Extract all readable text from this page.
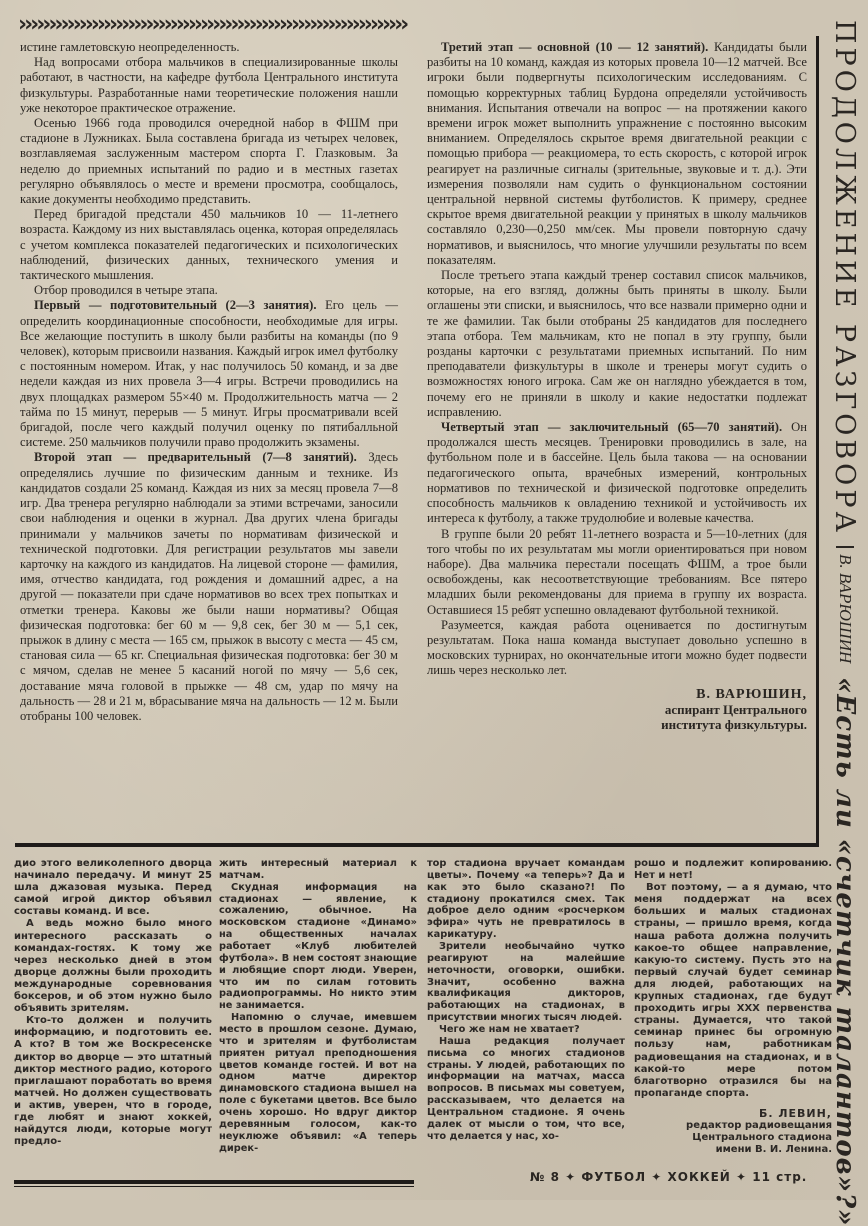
››››››››››››››››››››››››››››››››››››››››››››››››››››››››››››››››

истине гамлетовскую неопределенность.

Над вопросами отбора мальчиков в специализированные школы работают, в частности, на кафедре футбола Центрального института физкультуры. Разработанные нами теоретические положения нашли уже некоторое практическое отражение.

Осенью 1966 года проводился очередной набор в ФШМ при стадионе в Лужниках. Была составлена бригада из четырех человек, возглавляемая заслуженным мастером спорта Г. Глазковым. За неделю до приемных испытаний по радио и в местных газетах регулярно объявлялось о месте и времени просмотра, сообщалось, какие документы необходимо представить.

Перед бригадой предстали 450 мальчиков 10 — 11-летнего возраста. Каждому из них выставлялась оценка, которая определялась с учетом комплекса показателей педагогических и психологических наблюдений, физических данных, технического умения и тактического мышления.

Отбор проводился в четыре этапа.

Первый — подготовительный (2—3 занятия). Его цель — определить координационные способности, необходимые для игры. Все желающие поступить в школу были разбиты на команды (по 9 человек), которым присвоили названия. Каждый игрок имел футболку с постоянным номером. Итак, у нас получилось 50 команд, и за две недели каждая из них провела 3—4 игры. Встречи проводились на двух площадках размером 55×40 м. Продолжительность матча — 2 тайма по 15 минут, перерыв — 5 минут. Игры просматривали всей бригадой, после чего каждый получил оценку по пятибалльной системе. 250 мальчиков получили право продолжить экзамены.

Второй этап — предварительный (7—8 занятий). Здесь определялись лучшие по физическим данным и технике. Из кандидатов создали 25 команд. Каждая из них за месяц провела 7—8 игр. Два тренера регулярно наблюдали за этими встречами, заносили свои наблюдения и оценки в журнал. Два других члена бригады принимали у мальчиков зачеты по нормативам физической и технической подготовки. Для регистрации результатов мы завели карточку на каждого из кандидатов. На лицевой стороне — фамилия, имя, отчество кандидата, год рождения и домашний адрес, а на другой — показатели при сдаче нормативов во всех трех попытках и отметки тренера. Каковы же были наши нормативы? Общая физическая подготовка: бег 60 м — 9,8 сек, бег 30 м — 5,1 сек, прыжок в длину с места — 165 см, прыжок в высоту с места — 45 см, становая сила — 65 кг. Специальная физическая подготовка: бег 30 м с мячом, сделав не менее 5 касаний ногой по мячу — 5,6 сек, доставание мяча головой в прыжке — 48 см, удар по мячу на дальность — 28 и 21 м, вбрасывание мяча на дальность — 12 м. Были отобраны 100 человек.

Третий этап — основной (10 — 12 занятий). Кандидаты были разбиты на 10 команд, каждая из которых провела 10—12 матчей. Все игроки были подвергнуты психологическим исследованиям. С помощью корректурных таблиц Бурдона определяли устойчивость внимания. Испытания отвечали на вопрос — на протяжении какого времени игрок может выполнить упражнение с постоянно высоким вниманием. Определялось скрытое время двигательной реакции с помощью прибора — реакциомера, то есть скорость, с которой игрок реагирует на различные сигналы (зрительные, звуковые и т. д.). Эти измерения позволяли нам судить о функциональном состоянии центральной нервной системы футболистов. К примеру, среднее скрытое время двигательной реакции у принятых в школу мальчиков составляло 0,230—0,250 мм/сек. Мы провели повторную сдачу нормативов, и выяснилось, что многие улучшили результаты по всем показателям.

После третьего этапа каждый тренер составил список мальчиков, которые, на его взгляд, должны быть приняты в школу. Были оглашены эти списки, и выяснилось, что все назвали примерно одни и те же фамилии. Так были отобраны 25 кандидатов для последнего этапа отбора. Тем мальчикам, кто не попал в эту группу, были розданы карточки с результатами приемных испытаний. По ним преподаватели физкультуры в школе и тренеры могут судить о возможностях юного игрока. Сам же он наглядно убеждается в том, почему его не приняли в школу и какие недостатки подлежат исправлению.

Четвертый этап — заключительный (65—70 занятий). Он продолжался шесть месяцев. Тренировки проводились в зале, на футбольном поле и в бассейне. Цель была такова — на основании педагогического опыта, врачебных измерений, контрольных нормативов по технической и физической подготовке определить способность мальчиков к овладению техникой и устойчивость их интереса к футболу, а также трудолюбие и волевые качества.

В группе были 20 ребят 11-летнего возраста и 5—10-летних (для того чтобы по их результатам мы могли ориентироваться при новом наборе). Два мальчика перестали посещать ФШМ, а трое были освобождены, как несоответствующие требованиям. Все пятеро младших были рекомендованы для приема в группу их возраста. Оставшиеся 15 ребят успешно овладевают футбольной техникой.

Разумеется, каждая работа оценивается по достигнутым результатам. Пока наша команда выступает довольно успешно в московских турнирах, но окончательные итоги можно будет подвести лишь через несколько лет.

В. ВАРЮШИН,
аспирант Центрального
института физкультуры.
ПРОДОЛЖЕНИЕ РАЗГОВОРА
В. ВАРЮШИН
«Есть ли «счетчик талантов»?»

дио этого великолепного дворца начинало передачу. И минут 25 шла джазовая музыка. Перед самой игрой диктор объявил составы команд. И все.

А ведь можно было много интересного рассказать о командах-гостях. К тому же через несколько дней в этом дворце должны были проходить международные соревнования боксеров, и об этом нужно было объявить зрителям.

Кто-то должен и получить информацию, и подготовить ее. А кто? В том же Воскресенске диктор во дворце — это штатный диктор местного радио, которого приглашают поработать во время матчей. Но должен существовать и актив, уверен, что в городе, где любят и знают хоккей, найдутся люди, которые могут предло-

жить интересный материал к матчам.

Скудная информация на стадионах — явление, к сожалению, обычное. На московском стадионе «Динамо» на общественных началах работает «Клуб любителей футбола». В нем состоят знающие и любящие спорт люди. Уверен, что им по силам готовить радиопрограммы. Но никто этим не занимается.

Напомню о случае, имевшем место в прошлом сезоне. Думаю, что и зрителям и футболистам приятен ритуал преподношения цветов команде гостей. И вот на одном матче директор динамовского стадиона вышел на поле с букетами цветов. Все было очень хорошо. Но вдруг диктор деревянным голосом, как-то неуклюже объявил: «А теперь дирек-

тор стадиона вручает командам цветы». Почему «а теперь»? Да и как это было сказано?! По стадиону прокатился смех. Так доброе дело одним «росчерком эфира» чуть не превратилось в карикатуру.

Зрители необычайно чутко реагируют на малейшие неточности, оговорки, ошибки. Значит, особенно важна квалификация дикторов, работающих на стадионах, в присутствии многих тысяч людей.

Чего же нам не хватает?

Наша редакция получает письма со многих стадионов страны. У людей, работающих по информации на матчах, масса вопросов. В письмах мы советуем, рассказываем, что делается на Центральном стадионе. Я очень далек от мысли о том, что все, что делается у нас, хо-

рошо и подлежит копированию. Нет и нет!

Вот поэтому, — а я думаю, что меня поддержат на всех больших и малых стадионах страны, — пришло время, когда наша работа должна получить какое-то общее направление, какую-то систему. Пусть это на первый случай будет семинар для людей, работающих на крупных стадионах, где будут проходить игры XXX первенства страны. Думается, что такой семинар принес бы огромную пользу нам, работникам радиовещания на стадионах, и в какой-то мере потом благотворно отразился бы на пропаганде спорта.

Б. ЛЕВИН,
редактор радиовещания
Центрального стадиона
имени В. И. Ленина.
№ 8 ✦ ФУТБОЛ ✦ ХОККЕЙ ✦ 11 стр.
